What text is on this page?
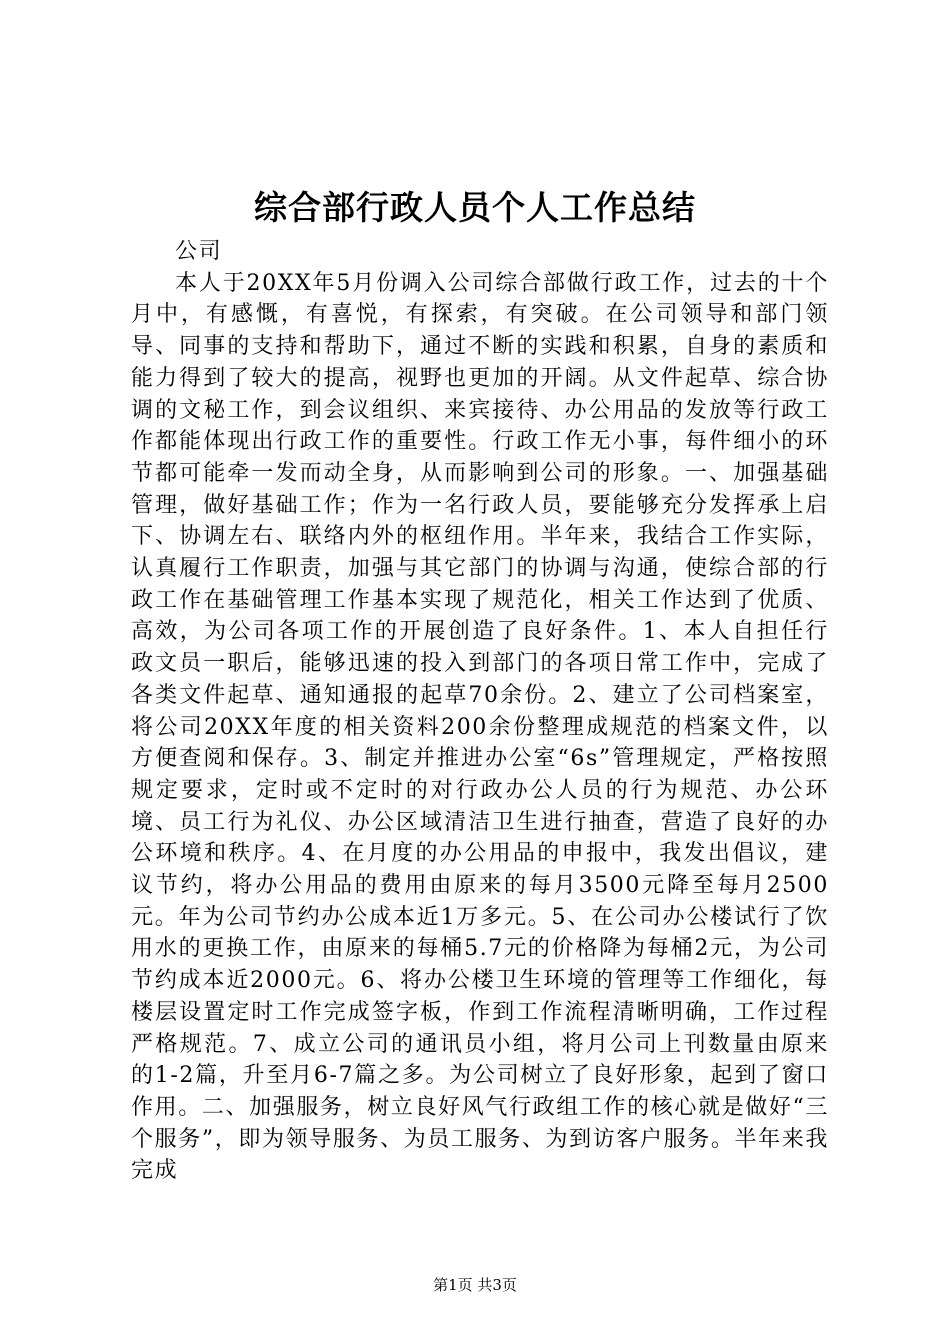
综合部行政人员个人工作总结

公司

本人于20XX年5月份调入公司综合部做行政工作，过去的十个月中，有感慨，有喜悦，有探索，有突破。在公司领导和部门领导、同事的支持和帮助下，通过不断的实践和积累，自身的素质和能力得到了较大的提高，视野也更加的开阔。从文件起草、综合协调的文秘工作，到会议组织、来宾接待、办公用品的发放等行政工作都能体现出行政工作的重要性。行政工作无小事，每件细小的环节都可能牵一发而动全身，从而影响到公司的形象。一、加强基础管理，做好基础工作；作为一名行政人员，要能够充分发挥承上启下、协调左右、联络内外的枢纽作用。半年来，我结合工作实际，认真履行工作职责，加强与其它部门的协调与沟通，使综合部的行政工作在基础管理工作基本实现了规范化，相关工作达到了优质、高效，为公司各项工作的开展创造了良好条件。1、本人自担任行政文员一职后，能够迅速的投入到部门的各项日常工作中，完成了各类文件起草、通知通报的起草70余份。2、建立了公司档案室，将公司20XX年度的相关资料200余份整理成规范的档案文件，以方便查阅和保存。3、制定并推进办公室“6s”管理规定，严格按照规定要求，定时或不定时的对行政办公人员的行为规范、办公环境、员工行为礼仪、办公区域清洁卫生进行抽查，营造了良好的办公环境和秩序。4、在月度的办公用品的申报中，我发出倡议，建议节约，将办公用品的费用由原来的每月3500元降至每月2500元。年为公司节约办公成本近1万多元。5、在公司办公楼试行了饮用水的更换工作，由原来的每桶5.7元的价格降为每桶2元，为公司节约成本近2000元。6、将办公楼卫生环境的管理等工作细化，每楼层设置定时工作完成签字板，作到工作流程清晰明确，工作过程严格规范。7、成立公司的通讯员小组，将月公司上刊数量由原来的1-2篇，升至月6-7篇之多。为公司树立了良好形象，起到了窗口作用。二、加强服务，树立良好风气行政组工作的核心就是做好“三个服务”，即为领导服务、为员工服务、为到访客户服务。半年来我完成

第1页 共3页
